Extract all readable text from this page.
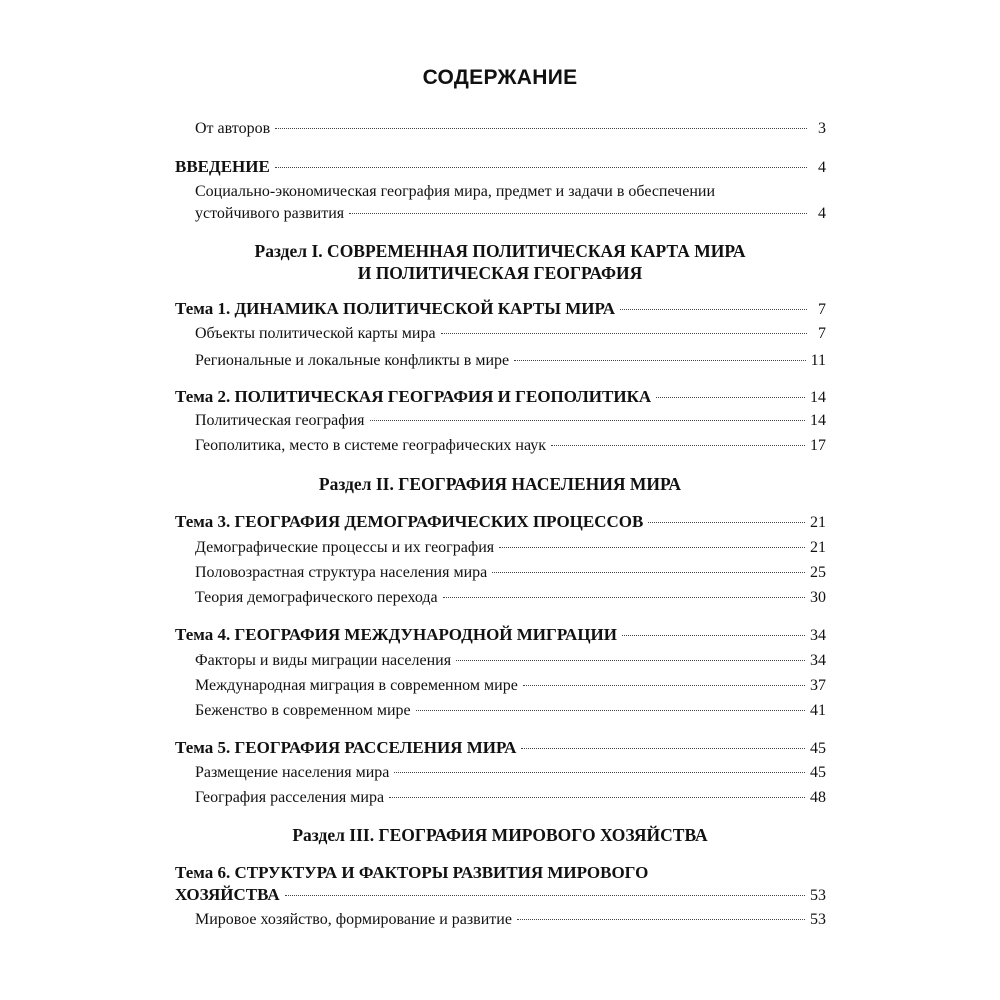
СОДЕРЖАНИЕ
От авторов	3
ВВЕДЕНИЕ	4
Социально-экономическая география мира, предмет и задачи в обеспечении
устойчивого развития	4
Раздел I. СОВРЕМЕННАЯ ПОЛИТИЧЕСКАЯ КАРТА МИРА
И ПОЛИТИЧЕСКАЯ ГЕОГРАФИЯ
Тема 1. ДИНАМИКА ПОЛИТИЧЕСКОЙ КАРТЫ МИРА	7
Объекты политической карты мира	7
Региональные и локальные конфликты в мире	11
Тема 2. ПОЛИТИЧЕСКАЯ ГЕОГРАФИЯ И ГЕОПОЛИТИКА	14
Политическая география	14
Геополитика, место в системе географических наук	17
Раздел II. ГЕОГРАФИЯ НАСЕЛЕНИЯ МИРА
Тема 3. ГЕОГРАФИЯ ДЕМОГРАФИЧЕСКИХ ПРОЦЕССОВ	21
Демографические процессы и их география	21
Половозрастная структура населения мира	25
Теория демографического перехода	30
Тема 4. ГЕОГРАФИЯ МЕЖДУНАРОДНОЙ МИГРАЦИИ	34
Факторы и виды миграции населения	34
Международная миграция в современном мире	37
Беженство в современном мире	41
Тема 5. ГЕОГРАФИЯ РАССЕЛЕНИЯ МИРА	45
Размещение населения мира	45
География расселения мира	48
Раздел III. ГЕОГРАФИЯ МИРОВОГО ХОЗЯЙСТВА
Тема 6. СТРУКТУРА И ФАКТОРЫ РАЗВИТИЯ МИРОВОГО
ХОЗЯЙСТВА	53
Мировое хозяйство, формирование и развитие	53
